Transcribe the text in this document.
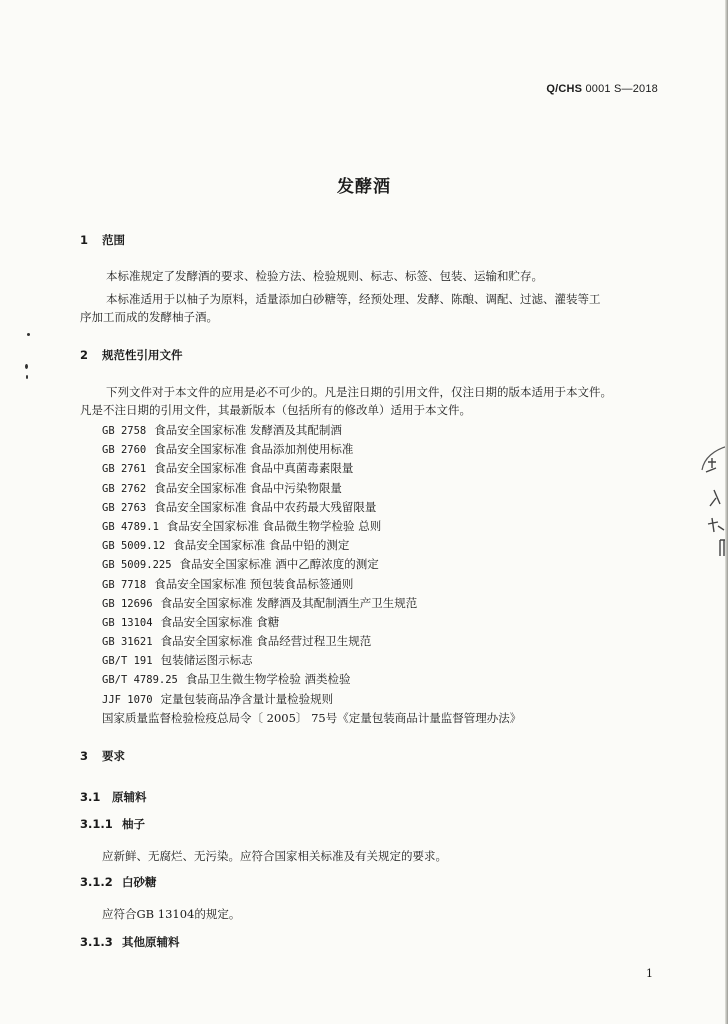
Q/CHS 0001 S—2018
发酵酒
1 范围
本标准规定了发酵酒的要求、检验方法、检验规则、标志、标签、包装、运输和贮存。
本标准适用于以柚子为原料，适量添加白砂糖等，经预处理、发酵、陈酿、调配、过滤、灌装等工
序加工而成的发酵柚子酒。
2 规范性引用文件
下列文件对于本文件的应用是必不可少的。凡是注日期的引用文件，仅注日期的版本适用于本文件。
凡是不注日期的引用文件，其最新版本（包括所有的修改单）适用于本文件。
GB 2758 食品安全国家标准 发酵酒及其配制酒
GB 2760 食品安全国家标准 食品添加剂使用标准
GB 2761 食品安全国家标准 食品中真菌毒素限量
GB 2762 食品安全国家标准 食品中污染物限量
GB 2763 食品安全国家标准 食品中农药最大残留限量
GB 4789.1 食品安全国家标准 食品微生物学检验 总则
GB 5009.12 食品安全国家标准 食品中铅的测定
GB 5009.225 食品安全国家标准 酒中乙醇浓度的测定
GB 7718 食品安全国家标准 预包装食品标签通则
GB 12696 食品安全国家标准 发酵酒及其配制酒生产卫生规范
GB 13104 食品安全国家标准 食糖
GB 31621 食品安全国家标准 食品经营过程卫生规范
GB/T 191 包装储运图示标志
GB/T 4789.25 食品卫生微生物学检验 酒类检验
JJF 1070 定量包装商品净含量计量检验规则
国家质量监督检验检疫总局令〔 2005〕 75号《定量包装商品计量监督管理办法》
3 要求
3.1 原辅料
3.1.1 柚子
应新鲜、无腐烂、无污染。应符合国家相关标准及有关规定的要求。
3.1.2 白砂糖
应符合GB 13104的规定。
3.1.3 其他原辅料
1
